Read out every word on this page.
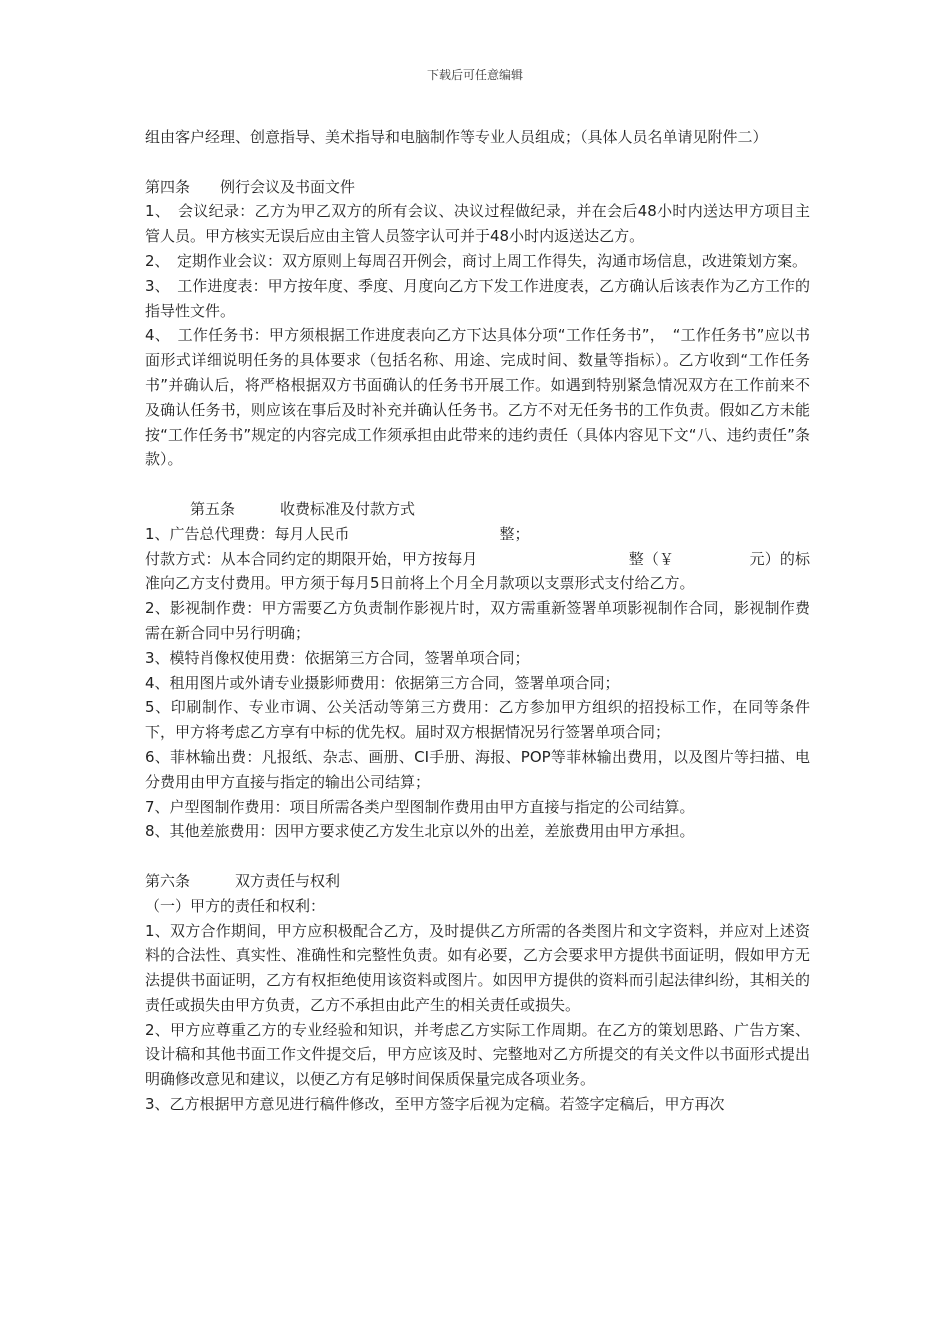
下载后可任意编辑

组由客户经理、创意指导、美术指导和电脑制作等专业人员组成；（具体人员名单请见附件二）

第四条　　例行会议及书面文件

1、　会议纪录：乙方为甲乙双方的所有会议、决议过程做纪录，并在会后48小时内送达甲方项目主管人员。甲方核实无误后应由主管人员签字认可并于48小时内返送达乙方。

2、　定期作业会议：双方原则上每周召开例会，商讨上周工作得失，沟通市场信息，改进策划方案。

3、　工作进度表：甲方按年度、季度、月度向乙方下发工作进度表，乙方确认后该表作为乙方工作的指导性文件。

4、　工作任务书：甲方须根据工作进度表向乙方下达具体分项“工作任务书”，　“工作任务书”应以书面形式详细说明任务的具体要求（包括名称、用途、完成时间、数量等指标）。乙方收到“工作任务书”并确认后，将严格根据双方书面确认的任务书开展工作。如遇到特别紧急情况双方在工作前来不及确认任务书，则应该在事后及时补充并确认任务书。乙方不对无任务书的工作负责。假如乙方未能按“工作任务书”规定的内容完成工作须承担由此带来的违约责任（具体内容见下文“八、违约责任”条款）。

　　　第五条　　　收费标准及付款方式

1、广告总代理费：每月人民币　　　　　　　　　　整；

付款方式：从本合同约定的期限开始，甲方按每月　　　　　　　　　　整（￥　　　　　元）的标准向乙方支付费用。甲方须于每月5日前将上个月全月款项以支票形式支付给乙方。

2、影视制作费：甲方需要乙方负责制作影视片时，双方需重新签署单项影视制作合同，影视制作费需在新合同中另行明确；

3、模特肖像权使用费：依据第三方合同，签署单项合同；

4、租用图片或外请专业摄影师费用：依据第三方合同，签署单项合同；

5、印刷制作、专业市调、公关活动等第三方费用：乙方参加甲方组织的招投标工作，在同等条件下，甲方将考虑乙方享有中标的优先权。届时双方根据情况另行签署单项合同；

6、菲林输出费：凡报纸、杂志、画册、CI手册、海报、POP等菲林输出费用，以及图片等扫描、电分费用由甲方直接与指定的输出公司结算；

7、户型图制作费用：项目所需各类户型图制作费用由甲方直接与指定的公司结算。

8、其他差旅费用：因甲方要求使乙方发生北京以外的出差，差旅费用由甲方承担。

第六条　　　双方责任与权利

（一）甲方的责任和权利：

1、双方合作期间，甲方应积极配合乙方，及时提供乙方所需的各类图片和文字资料，并应对上述资料的合法性、真实性、准确性和完整性负责。如有必要，乙方会要求甲方提供书面证明，假如甲方无法提供书面证明，乙方有权拒绝使用该资料或图片。如因甲方提供的资料而引起法律纠纷，其相关的责任或损失由甲方负责，乙方不承担由此产生的相关责任或损失。

2、甲方应尊重乙方的专业经验和知识，并考虑乙方实际工作周期。在乙方的策划思路、广告方案、设计稿和其他书面工作文件提交后，甲方应该及时、完整地对乙方所提交的有关文件以书面形式提出明确修改意见和建议，以便乙方有足够时间保质保量完成各项业务。

3、乙方根据甲方意见进行稿件修改，至甲方签字后视为定稿。若签字定稿后，甲方再次
